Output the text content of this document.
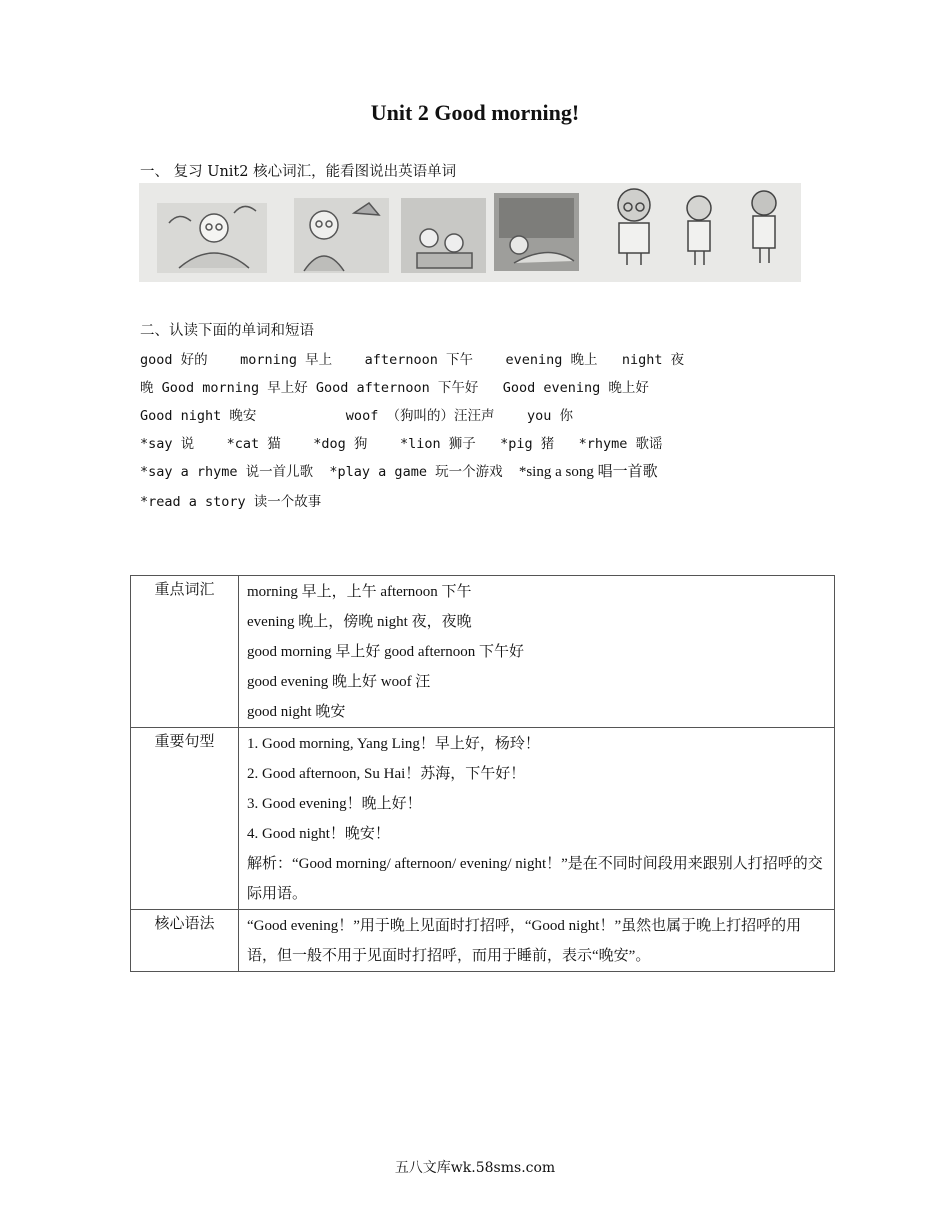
Unit 2 Good morning!
一、 复习 Unit2 核心词汇，能看图说出英语单词
二、认读下面的单词和短语
good 好的    morning 早上    afternoon 下午    evening 晚上   night 夜
晚 Good morning 早上好 Good afternoon 下午好   Good evening 晚上好
Good night 晚安           woof （狗叫的）汪汪声    you 你
*say 说    *cat 猫    *dog 狗    *lion 狮子   *pig 猪   *rhyme 歌谣
*say a rhyme 说一首儿歌  *play a game 玩一个游戏  *sing a song 唱一首歌
*read a story 读一个故事
重点词汇	morning 早上，上午 afternoon 下午
evening 晚上，傍晚 night 夜，夜晚
good morning 早上好 good afternoon 下午好
good evening 晚上好 woof 汪
good night 晚安

重要句型	1. Good morning, Yang Ling！早上好，杨玲！
2. Good afternoon, Su Hai！苏海，下午好！
3. Good evening！晚上好！
4. Good night！晚安！
解析：“Good morning/ afternoon/ evening/ night！”是在不同时间段用来跟别人打招呼的交际用语。

核心语法	“Good evening！”用于晚上见面时打招呼，“Good night！”虽然也属于晚上打招呼的用语，但一般不用于见面时打招呼，而用于睡前，表示“晚安”。
五八文库wk.58sms.com
